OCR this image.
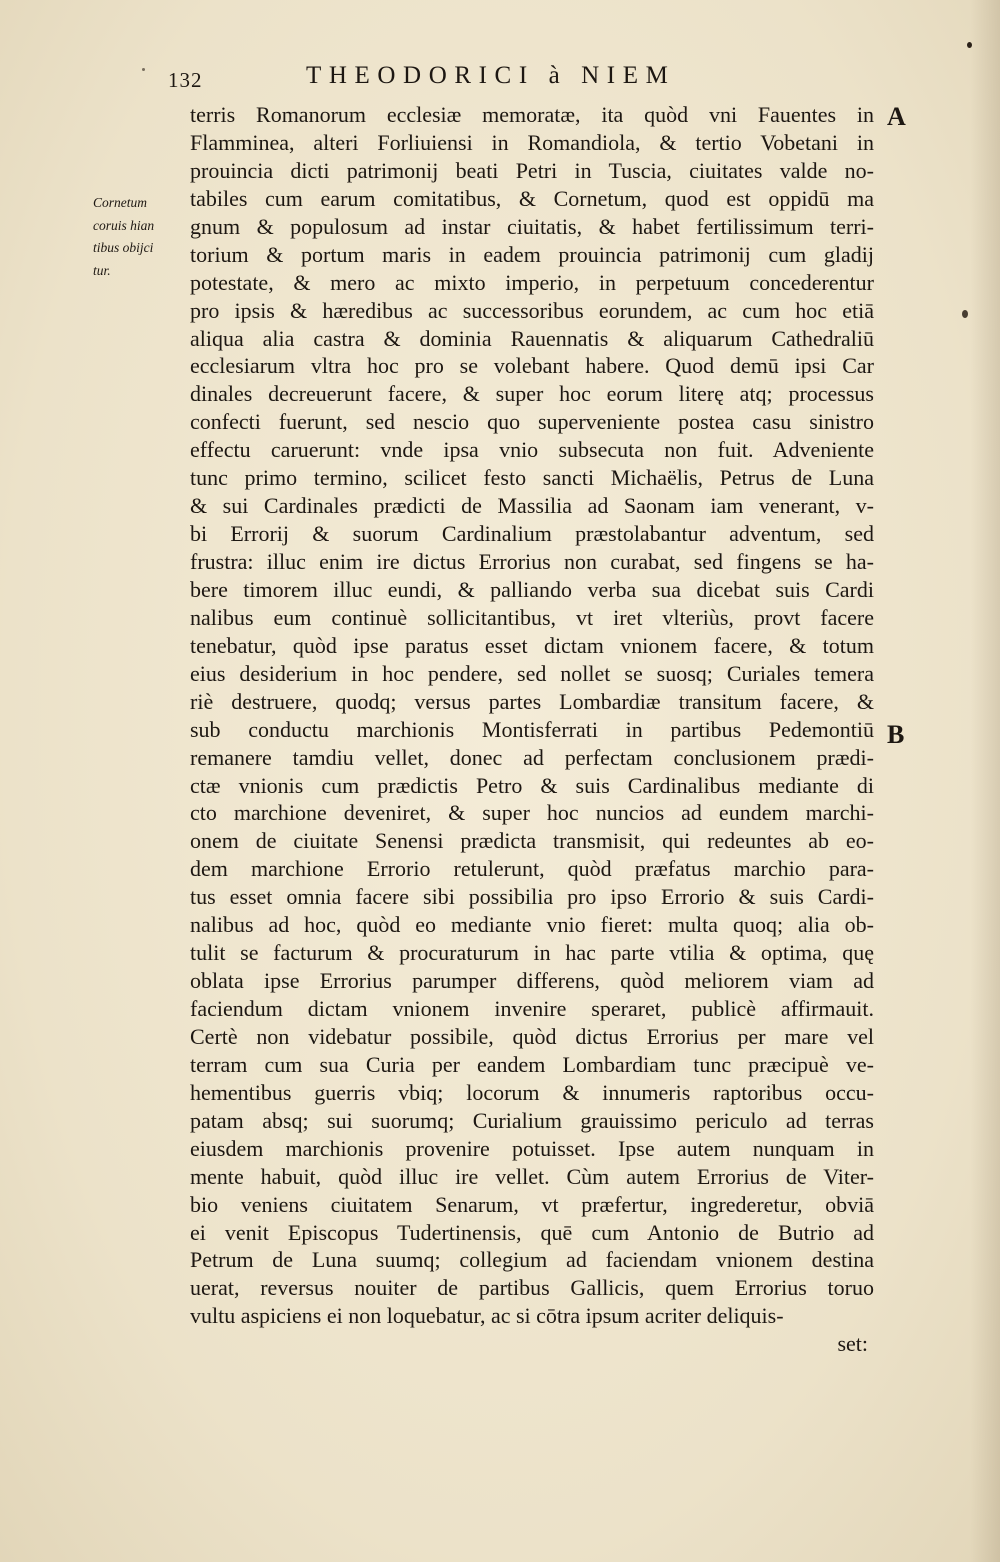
132	THEODORICI à NIEM
Cornetum
coruis hian
tibus obijci
tur.
A
B
terris Romanorum ecclesiæ memoratæ, ita quòd vni Fauentes in
Flamminea, alteri Forliuiensi in Romandiola, & tertio Vobetani in
prouincia dicti patrimonij beati Petri in Tuscia, ciuitates valde no-
tabiles cum earum comitatibus, & Cornetum, quod est oppidū ma
gnum & populosum ad instar ciuitatis, & habet fertilissimum terri-
torium & portum maris in eadem prouincia patrimonij cum gladij
potestate, & mero ac mixto imperio, in perpetuum concederentur
pro ipsis & hæredibus ac successoribus eorundem, ac cum hoc etiā
aliqua alia castra & dominia Rauennatis & aliquarum Cathedraliū
ecclesiarum vltra hoc pro se volebant habere. Quod demū ipsi Car
dinales decreuerunt facere, & super hoc eorum literę atq; processus
confecti fuerunt, sed nescio quo superveniente postea casu sinistro
effectu caruerunt: vnde ipsa vnio subsecuta non fuit. Adveniente
tunc primo termino, scilicet festo sancti Michaëlis, Petrus de Luna
& sui Cardinales prædicti de Massilia ad Saonam iam venerant, v-
bi Errorij & suorum Cardinalium præstolabantur adventum, sed
frustra: illuc enim ire dictus Errorius non curabat, sed fingens se ha-
bere timorem illuc eundi, & palliando verba sua dicebat suis Cardi
nalibus eum continuè sollicitantibus, vt iret vlteriùs, provt facere
tenebatur, quòd ipse paratus esset dictam vnionem facere, & totum
eius desiderium in hoc pendere, sed nollet se suosq; Curiales temera
riè destruere, quodq; versus partes Lombardiæ transitum facere, &
sub conductu marchionis Montisferrati in partibus Pedemontiū
remanere tamdiu vellet, donec ad perfectam conclusionem prædi-
ctæ vnionis cum prædictis Petro & suis Cardinalibus mediante di
cto marchione deveniret, & super hoc nuncios ad eundem marchi-
onem de ciuitate Senensi prædicta transmisit, qui redeuntes ab eo-
dem marchione Errorio retulerunt, quòd præfatus marchio para-
tus esset omnia facere sibi possibilia pro ipso Errorio & suis Cardi-
nalibus ad hoc, quòd eo mediante vnio fieret: multa quoq; alia ob-
tulit se facturum & procuraturum in hac parte vtilia & optima, quę
oblata ipse Errorius parumper differens, quòd meliorem viam ad
faciendum dictam vnionem invenire speraret, publicè affirmauit.
Certè non videbatur possibile, quòd dictus Errorius per mare vel
terram cum sua Curia per eandem Lombardiam tunc præcipuè ve-
hementibus guerris vbiq; locorum & innumeris raptoribus occu-
patam absq; sui suorumq; Curialium grauissimo periculo ad terras
eiusdem marchionis provenire potuisset. Ipse autem nunquam in
mente habuit, quòd illuc ire vellet. Cùm autem Errorius de Viter-
bio veniens ciuitatem Senarum, vt præfertur, ingrederetur, obviā
ei venit Episcopus Tudertinensis, quē cum Antonio de Butrio ad
Petrum de Luna suumq; collegium ad faciendam vnionem destina
uerat, reversus nouiter de partibus Gallicis, quem Errorius toruo
vultu aspiciens ei non loquebatur, ac si cōtra ipsum acriter deliquis-
set:
